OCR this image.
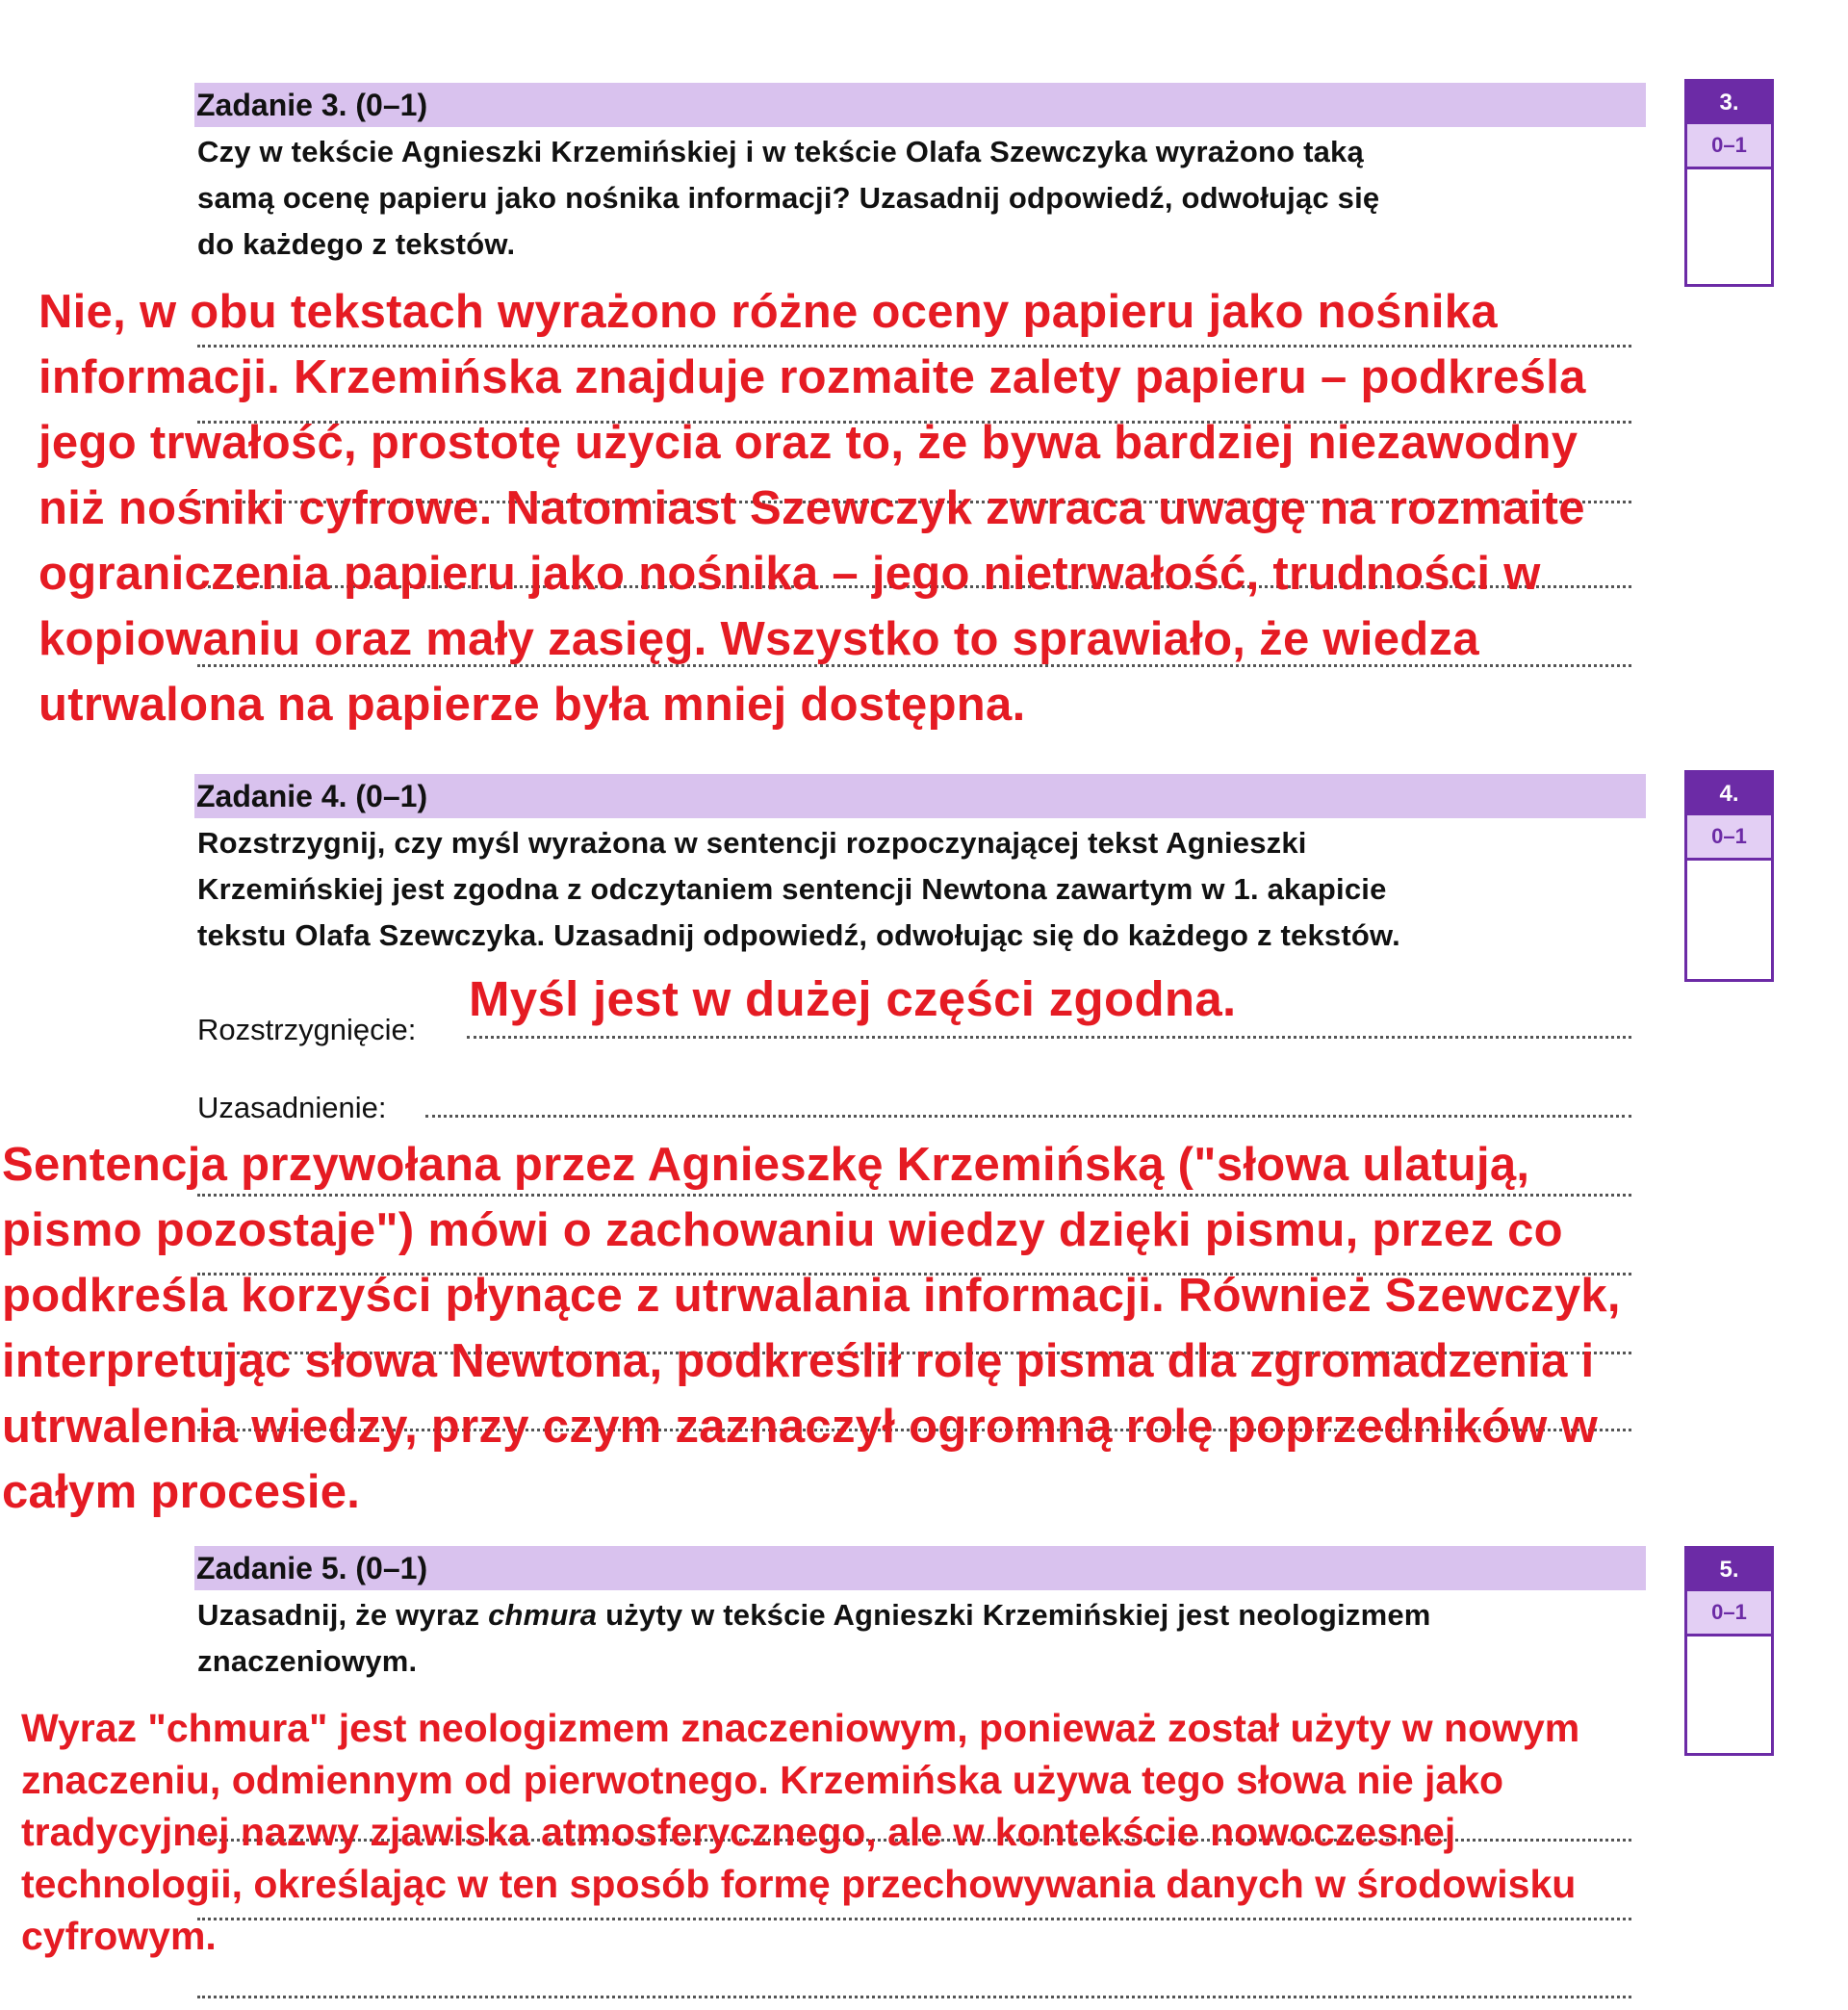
Zadanie 3. (0–1)
Czy w tekście Agnieszki Krzemińskiej i w tekście Olafa Szewczyka wyrażono taką
samą ocenę papieru jako nośnika informacji? Uzasadnij odpowiedź, odwołując się
do każdego z tekstów.
3.
0–1
Nie, w obu tekstach wyrażono różne oceny papieru jako nośnika
informacji. Krzemińska znajduje rozmaite zalety papieru – podkreśla
jego trwałość, prostotę użycia oraz to, że bywa bardziej niezawodny
niż nośniki cyfrowe. Natomiast Szewczyk zwraca uwagę na rozmaite
ograniczenia papieru jako nośnika – jego nietrwałość, trudności w
kopiowaniu oraz mały zasięg. Wszystko to sprawiało, że wiedza
utrwalona na papierze była mniej dostępna.
Zadanie 4. (0–1)
Rozstrzygnij, czy myśl wyrażona w sentencji rozpoczynającej tekst Agnieszki
Krzemińskiej jest zgodna z odczytaniem sentencji Newtona zawartym w 1. akapicie
tekstu Olafa Szewczyka. Uzasadnij odpowiedź, odwołując się do każdego z tekstów.
4.
0–1
Rozstrzygnięcie:
Myśl jest w dużej części zgodna.
Uzasadnienie:
Sentencja przywołana przez Agnieszkę Krzemińską ("słowa ulatują,
pismo pozostaje") mówi o zachowaniu wiedzy dzięki pismu, przez co
podkreśla korzyści płynące z utrwalania informacji. Również Szewczyk,
interpretując słowa Newtona, podkreślił rolę pisma dla zgromadzenia i
utrwalenia wiedzy, przy czym zaznaczył ogromną rolę poprzedników w
całym procesie.
Zadanie 5. (0–1)
Uzasadnij, że wyraz chmura użyty w tekście Agnieszki Krzemińskiej jest neologizmem
znaczeniowym.
5.
0–1
Wyraz "chmura" jest neologizmem znaczeniowym, ponieważ został użyty w nowym
znaczeniu, odmiennym od pierwotnego. Krzemińska używa tego słowa nie jako
tradycyjnej nazwy zjawiska atmosferycznego, ale w kontekście nowoczesnej
technologii, określając w ten sposób formę przechowywania danych w środowisku
cyfrowym.
